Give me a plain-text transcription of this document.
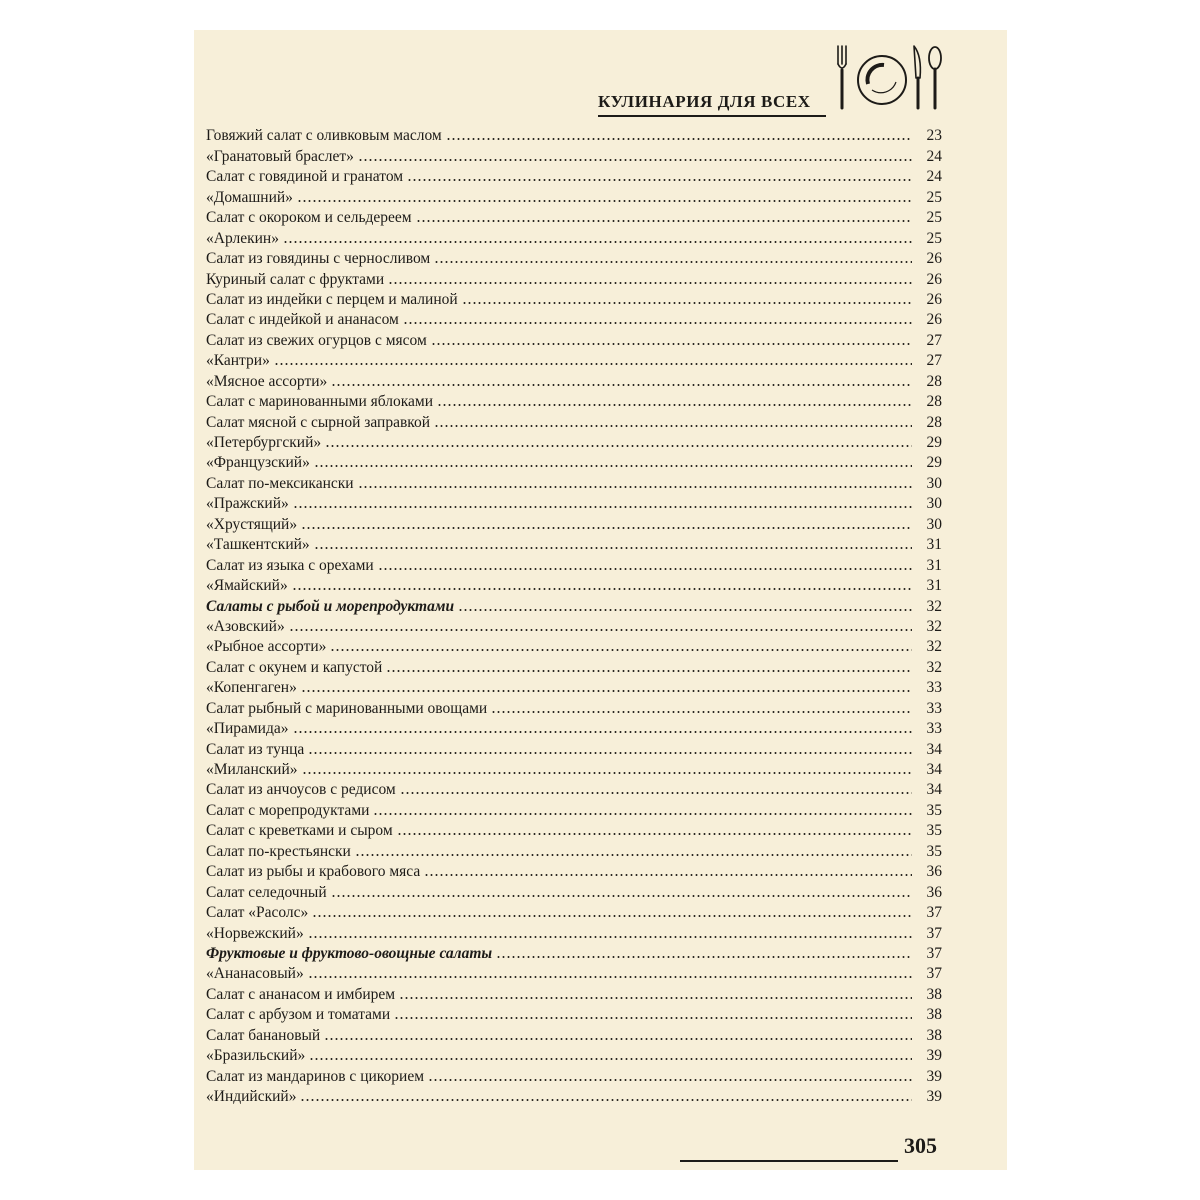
КУЛИНАРИЯ ДЛЯ ВСЕХ
Говяжий салат с оливковым маслом	23
«Гранатовый браслет»	24
Салат с говядиной и гранатом	24
«Домашний»	25
Салат с окороком и сельдереем	25
«Арлекин»	25
Салат из говядины с черносливом	26
Куриный салат с фруктами	26
Салат из индейки с перцем и малиной	26
Салат с индейкой и ананасом	26
Салат из свежих огурцов с мясом	27
«Кантри»	27
«Мясное ассорти»	28
Салат с маринованными яблоками	28
Салат мясной с сырной заправкой	28
«Петербургский»	29
«Французский»	29
Салат по-мексикански	30
«Пражский»	30
«Хрустящий»	30
«Ташкентский»	31
Салат из языка с орехами	31
«Ямайский»	31
Салаты с рыбой и морепродуктами	32
«Азовский»	32
«Рыбное ассорти»	32
Салат с окунем и капустой	32
«Копенгаген»	33
Салат рыбный с маринованными овощами	33
«Пирамида»	33
Салат из тунца	34
«Миланский»	34
Салат из анчоусов с редисом	34
Салат с морепродуктами	35
Салат с креветками и сыром	35
Салат по-крестьянски	35
Салат из рыбы и крабового мяса	36
Салат селедочный	36
Салат «Расолс»	37
«Норвежский»	37
Фруктовые и фруктово-овощные салаты	37
«Ананасовый»	37
Салат с ананасом и имбирем	38
Салат с арбузом и томатами	38
Салат банановый	38
«Бразильский»	39
Салат из мандаринов с цикорием	39
«Индийский»	39
305
